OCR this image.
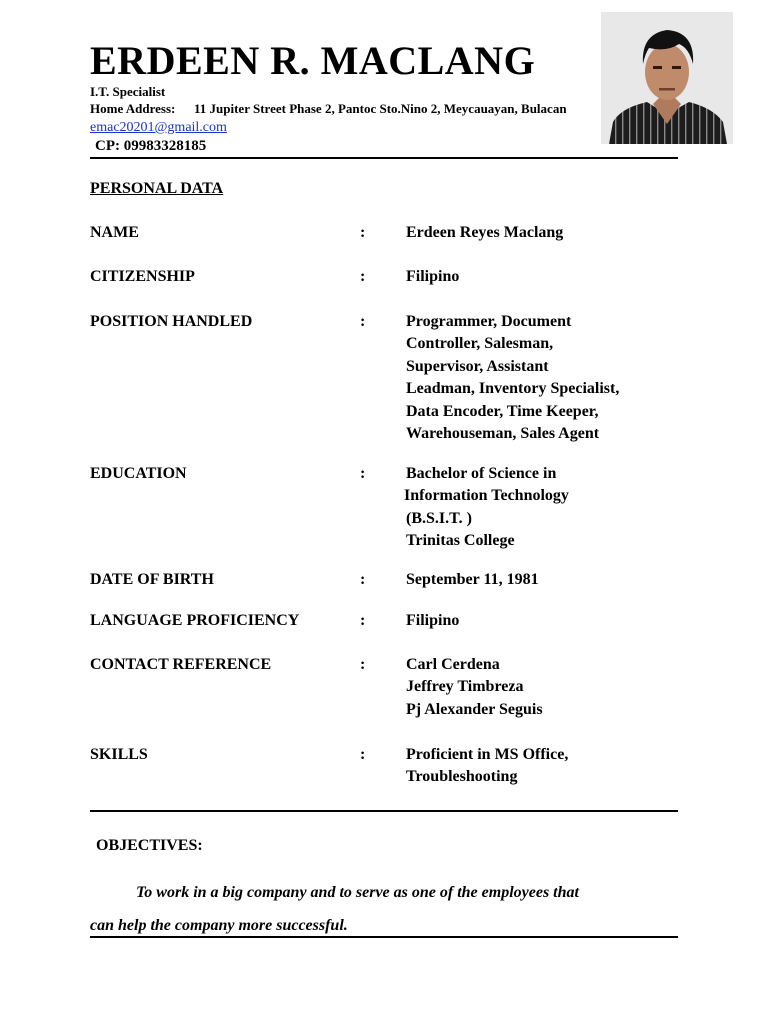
ERDEEN R. MACLANG
I.T. Specialist
Home Address: 11 Jupiter Street Phase 2, Pantoc Sto.Nino 2, Meycauayan, Bulacan
emac20201@gmail.com
CP: 09983328185
PERSONAL DATA
NAME	:	Erdeen Reyes Maclang
CITIZENSHIP	:	Filipino
POSITION HANDLED	:	Programmer, Document
Controller, Salesman,
Supervisor, Assistant
Leadman, Inventory Specialist,
Data Encoder, Time Keeper,
Warehouseman, Sales Agent
EDUCATION	:	Bachelor of Science in
Information Technology
(B.S.I.T. )
Trinitas College
DATE OF BIRTH	:	September 11, 1981
LANGUAGE PROFICIENCY	:	Filipino
CONTACT REFERENCE	:	Carl Cerdena
Jeffrey Timbreza
Pj Alexander Seguis
SKILLS	:	Proficient in MS Office,
Troubleshooting
OBJECTIVES:
To work in a big company and to serve as one of the employees that
can help the company more successful.
